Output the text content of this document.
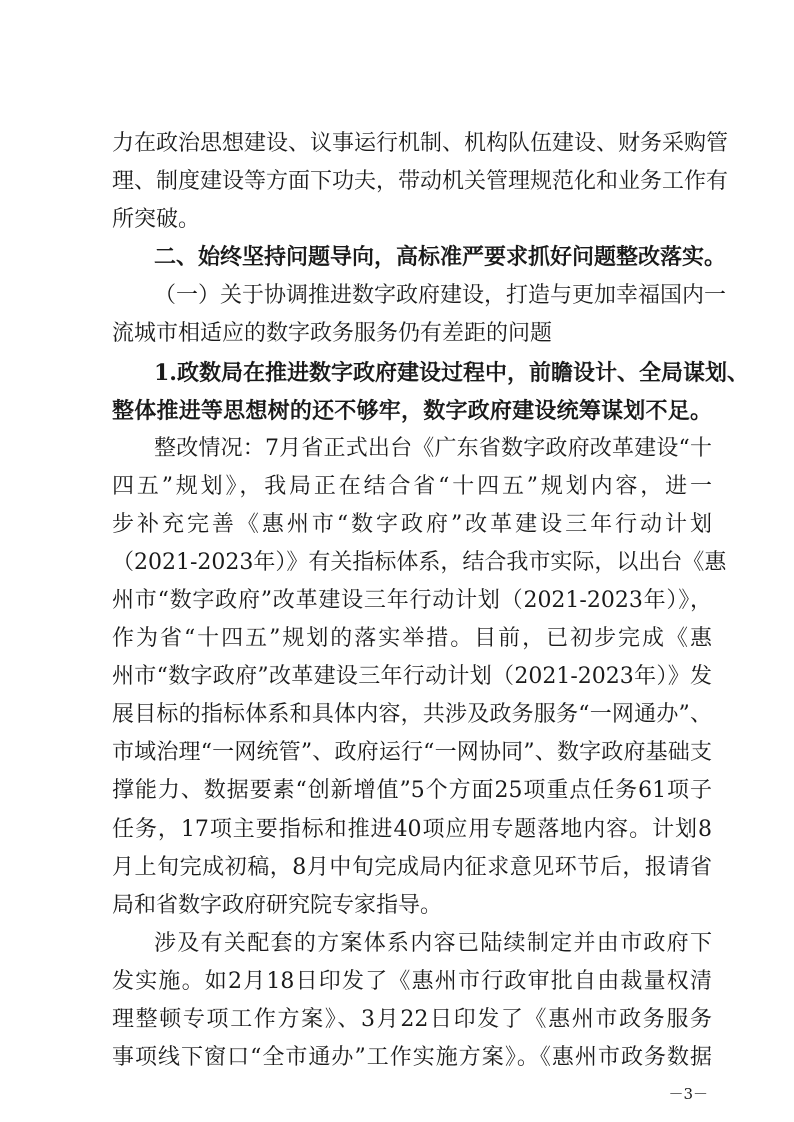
力在政治思想建设、议事运行机制、机构队伍建设、财务采购管
理、制度建设等方面下功夫，带动机关管理规范化和业务工作有
所突破。
二、始终坚持问题导向，高标准严要求抓好问题整改落实。
（一）关于协调推进数字政府建设，打造与更加幸福国内一
流城市相适应的数字政务服务仍有差距的问题
1.政数局在推进数字政府建设过程中，前瞻设计、全局谋划、
整体推进等思想树的还不够牢，数字政府建设统筹谋划不足。
整改情况：7月省正式出台《广东省数字政府改革建设“十
四五”规划》，我局正在结合省“十四五”规划内容，进一
步补充完善《惠州市“数字政府”改革建设三年行动计划
（2021-2023年）》有关指标体系，结合我市实际，以出台《惠
州市“数字政府”改革建设三年行动计划（2021-2023年）》，
作为省“十四五”规划的落实举措。目前，已初步完成《惠
州市“数字政府”改革建设三年行动计划（2021-2023年）》发
展目标的指标体系和具体内容，共涉及政务服务“一网通办”、
市域治理“一网统管”、政府运行“一网协同”、数字政府基础支
撑能力、数据要素“创新增值”5个方面25项重点任务61项子
任务，17项主要指标和推进40项应用专题落地内容。计划8
月上旬完成初稿，8月中旬完成局内征求意见环节后，报请省
局和省数字政府研究院专家指导。
涉及有关配套的方案体系内容已陆续制定并由市政府下
发实施。如2月18日印发了《惠州市行政审批自由裁量权清
理整顿专项工作方案》、3月22日印发了《惠州市政务服务
事项线下窗口“全市通办”工作实施方案》。《惠州市政务数据
－3－
